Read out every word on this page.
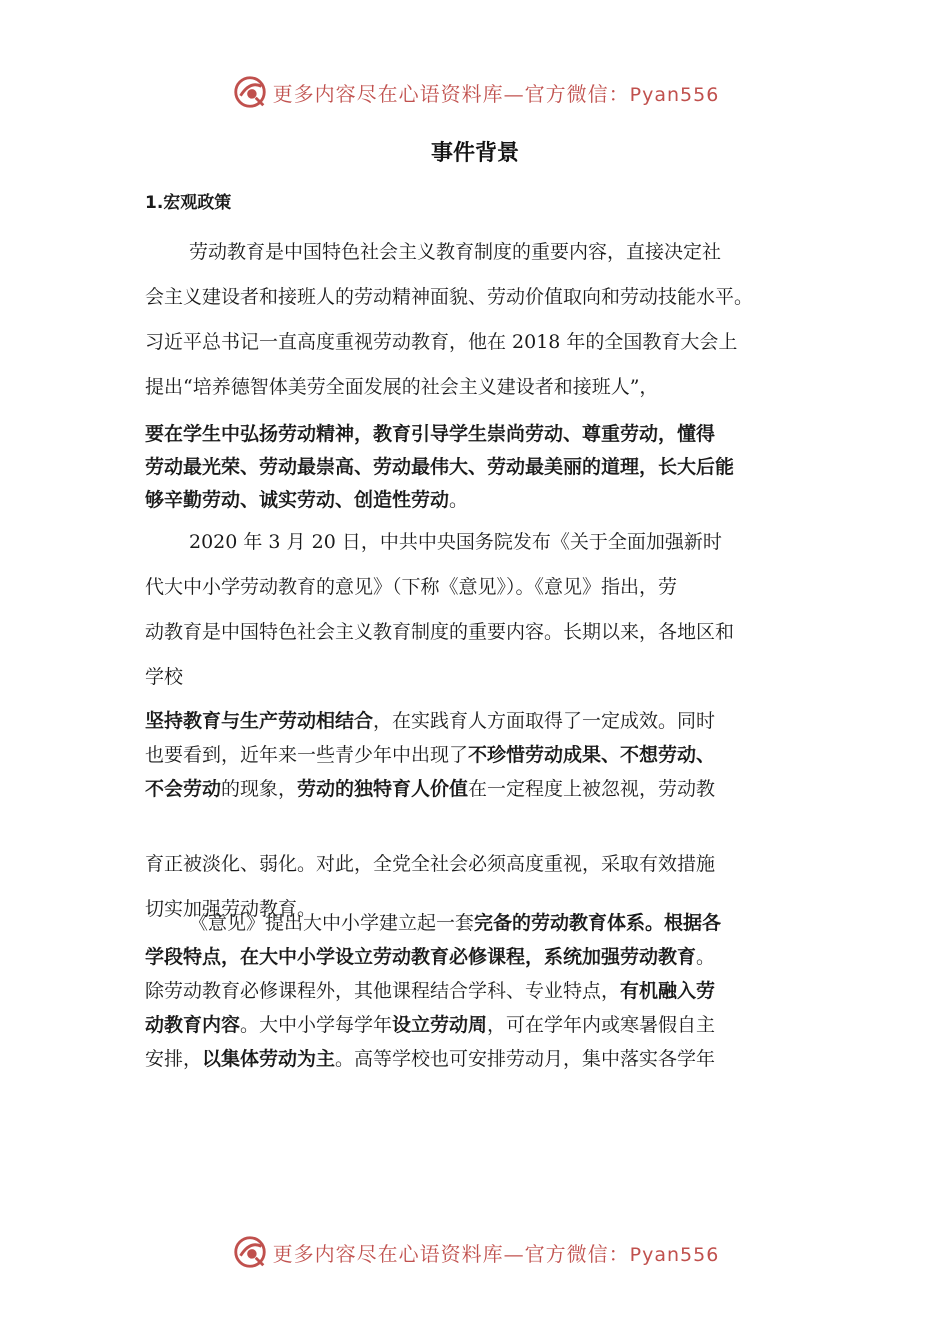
更多内容尽在心语资料库—官方微信：Pyan556
事件背景
1.宏观政策

劳动教育是中国特色社会主义教育制度的重要内容，直接决定社
会主义建设者和接班人的劳动精神面貌、劳动价值取向和劳动技能水平。
习近平总书记一直高度重视劳动教育，他在 2018 年的全国教育大会上
提出“培养德智体美劳全面发展的社会主义建设者和接班人”，

要在学生中弘扬劳动精神，教育引导学生崇尚劳动、尊重劳动，懂得
劳动最光荣、劳动最崇高、劳动最伟大、劳动最美丽的道理，长大后能
够辛勤劳动、诚实劳动、创造性劳动。

2020 年 3 月 20 日，中共中央国务院发布《关于全面加强新时
代大中小学劳动教育的意见》（下称《意见》）。《意见》指出，劳
动教育是中国特色社会主义教育制度的重要内容。长期以来，各地区和
学校

坚持教育与生产劳动相结合，在实践育人方面取得了一定成效。同时
也要看到，近年来一些青少年中出现了不珍惜劳动成果、不想劳动、
不会劳动的现象，劳动的独特育人价值在一定程度上被忽视，劳动教

育正被淡化、弱化。对此，全党全社会必须高度重视，采取有效措施
切实加强劳动教育。

《意见》提出大中小学建立起一套完备的劳动教育体系。根据各
学段特点，在大中小学设立劳动教育必修课程，系统加强劳动教育。
除劳动教育必修课程外，其他课程结合学科、专业特点，有机融入劳
动教育内容。大中小学每学年设立劳动周，可在学年内或寒暑假自主
安排，以集体劳动为主。高等学校也可安排劳动月，集中落实各学年

更多内容尽在心语资料库—官方微信：Pyan556
